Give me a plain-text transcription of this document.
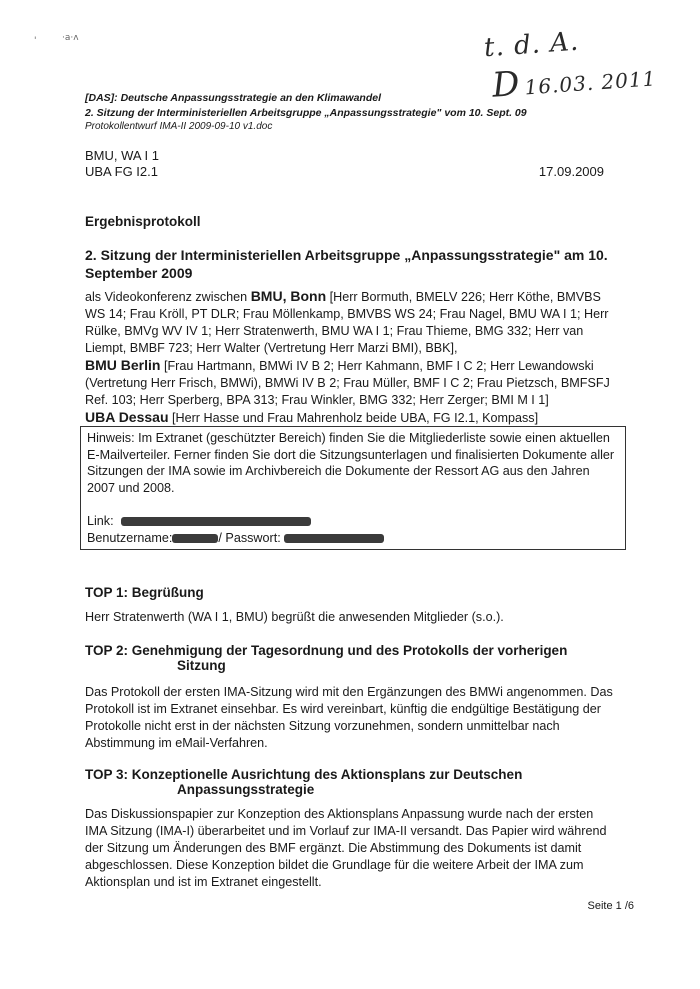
'	·a·ʌ	t. d. A.
D 16.03. 2011
[DAS]: Deutsche Anpassungsstrategie an den Klimawandel
2. Sitzung der Interministeriellen Arbeitsgruppe „Anpassungsstrategie" vom 10. Sept. 09
Protokollentwurf IMA-II 2009-09-10 v1.doc
BMU, WA I 1
UBA FG I2.1	17.09.2009
Ergebnisprotokoll
2. Sitzung der Interministeriellen Arbeitsgruppe „Anpassungsstrategie" am 10. September 2009
als Videokonferenz zwischen BMU, Bonn [Herr Bormuth, BMELV 226; Herr Köthe, BMVBS WS 14; Frau Kröll, PT DLR; Frau Möllenkamp, BMVBS WS 24; Frau Nagel, BMU WA I 1; Herr Rülke, BMVg WV IV 1; Herr Stratenwerth, BMU WA I 1; Frau Thieme, BMG 332; Herr van Liempt, BMBF 723; Herr Walter (Vertretung Herr Marzi BMI), BBK],
BMU Berlin [Frau Hartmann, BMWi IV B 2; Herr Kahmann, BMF I C 2; Herr Lewandowski (Vertretung Herr Frisch, BMWi), BMWi IV B 2; Frau Müller, BMF I C 2; Frau Pietzsch, BMFSFJ Ref. 103; Herr Sperberg, BPA 313; Frau Winkler, BMG 332; Herr Zerger; BMI M I 1]
UBA Dessau [Herr Hasse und Frau Mahrenholz beide UBA, FG I2.1, Kompass]
Hinweis: Im Extranet (geschützter Bereich) finden Sie die Mitgliederliste sowie einen aktuellen E-Mailverteiler. Ferner finden Sie dort die Sitzungsunterlagen und finalisierten Dokumente aller Sitzungen der IMA sowie im Archivbereich die Dokumente der Ressort AG aus den Jahren 2007 und 2008.
Link:
Benutzername:	/ Passwort:
TOP 1: Begrüßung
Herr Stratenwerth (WA I 1, BMU) begrüßt die anwesenden Mitglieder (s.o.).
TOP 2: Genehmigung der Tagesordnung und des Protokolls der vorherigen
Sitzung
Das Protokoll der ersten IMA-Sitzung wird mit den Ergänzungen des BMWi angenommen. Das Protokoll ist im Extranet einsehbar. Es wird vereinbart, künftig die endgültige Bestätigung der Protokolle nicht erst in der nächsten Sitzung vorzunehmen, sondern unmittelbar nach Abstimmung im eMail-Verfahren.
TOP 3: Konzeptionelle Ausrichtung des Aktionsplans zur Deutschen
Anpassungsstrategie
Das Diskussionspapier zur Konzeption des Aktionsplans Anpassung wurde nach der ersten IMA Sitzung (IMA-I) überarbeitet und im Vorlauf zur IMA-II versandt. Das Papier wird während der Sitzung um Änderungen des BMF ergänzt. Die Abstimmung des Dokuments ist damit abgeschlossen. Diese Konzeption bildet die Grundlage für die weitere Arbeit der IMA zum Aktionsplan und ist im Extranet eingestellt.
Seite 1 /6
